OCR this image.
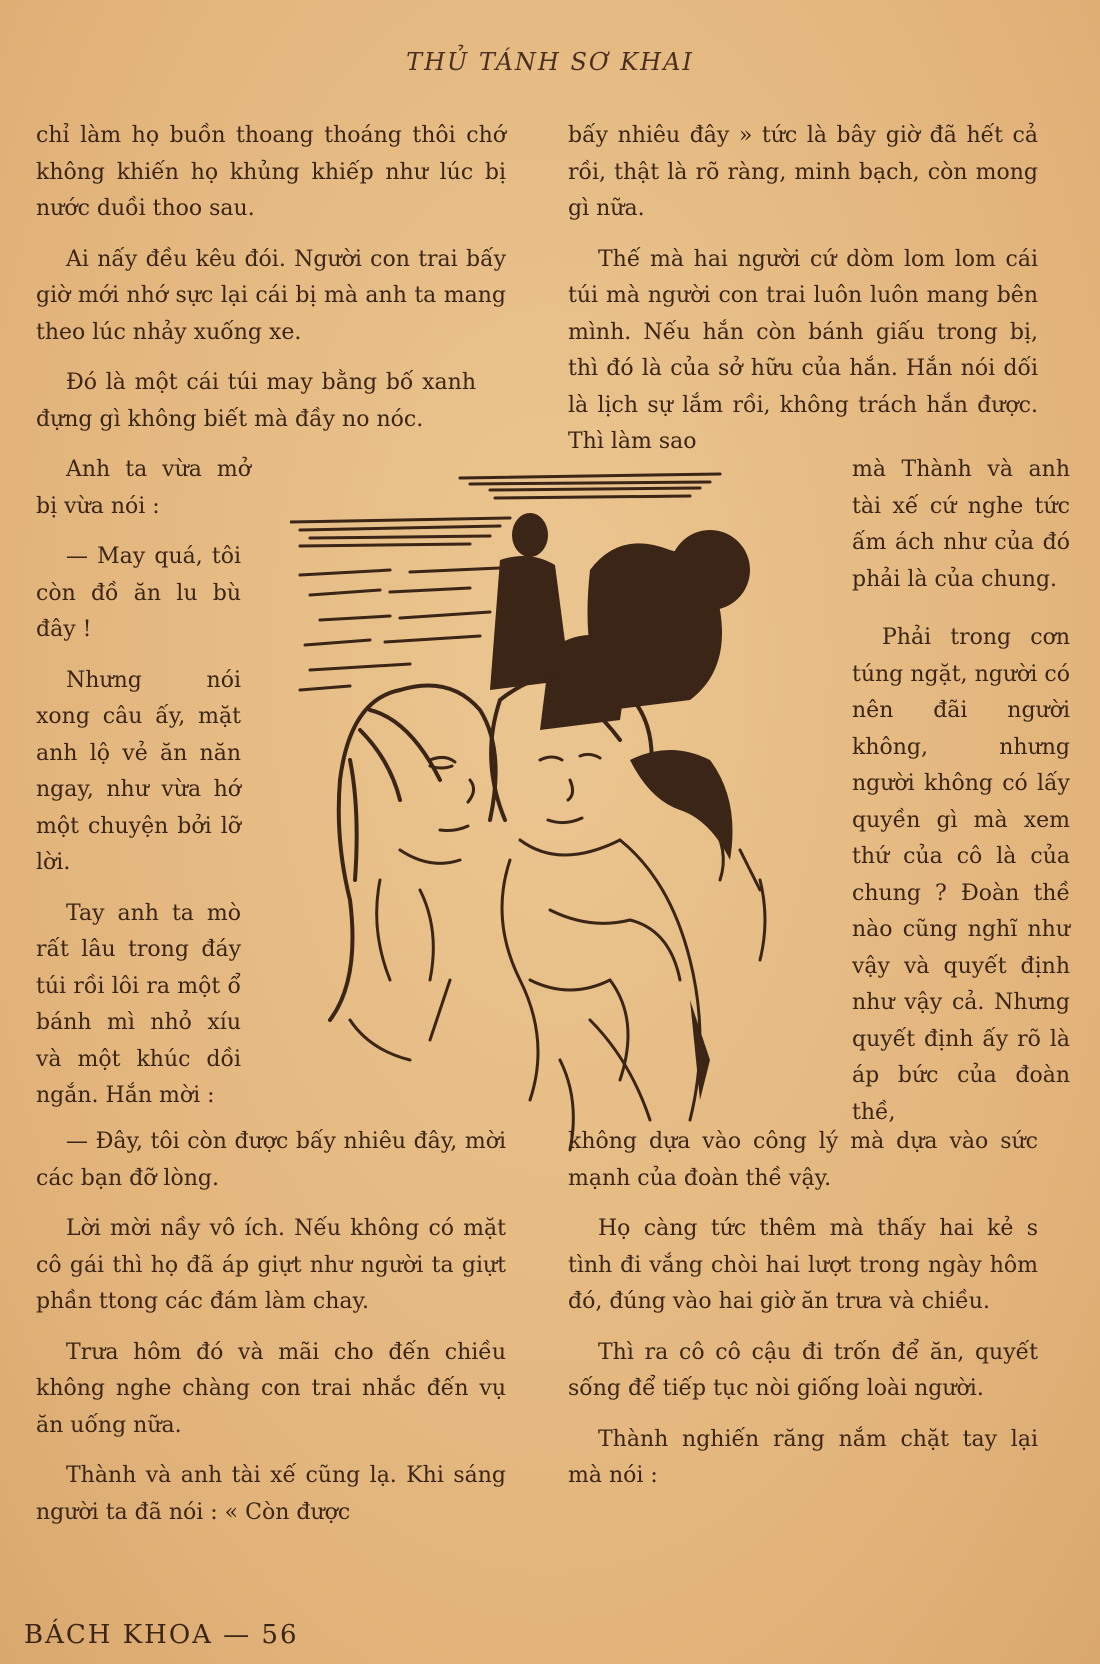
THỦ TÁNH SƠ KHAI

chỉ làm họ buồn thoang thoáng thôi chớ không khiến họ khủng khiếp như lúc bị nước duồi thoo sau.

Ai nấy đều kêu đói. Người con trai bấy giờ mới nhớ sực lại cái bị mà anh ta mang theo lúc nhảy xuống xe.

Đó là một cái túi may bằng bố xanh đựng gì không biết mà đầy no nóc.

Anh ta vừa mở bị vừa nói :

— May quá, tôi còn đồ ăn lu bù đây !

Nhưng nói xong câu ấy, mặt anh lộ vẻ ăn năn ngay, như vừa hớ một chuyện bởi lỡ lời.

Tay anh ta mò rất lâu trong đáy túi rồi lôi ra một ổ bánh mì nhỏ xíu và một khúc dồi ngắn. Hắn mời :

bấy nhiêu đây » tức là bây giờ đã hết cả rồi, thật là rõ ràng, minh bạch, còn mong gì nữa.

Thế mà hai người cứ dòm lom lom cái túi mà người con trai luôn luôn mang bên mình. Nếu hắn còn bánh giấu trong bị, thì đó là của sở hữu của hắn. Hắn nói dối là lịch sự lắm rồi, không trách hắn được. Thì làm sao

mà Thành và anh tài xế cứ nghe tức ấm ách như của đó phải là của chung.

Phải trong cơn túng ngặt, người có nên đãi người không, nhưng người không có lấy quyền gì mà xem thứ của cô là của chung ? Đoàn thề nào cũng nghĩ như vậy và quyết định như vậy cả. Nhưng quyết định ấy rõ là áp bức của đoàn thề,

— Đây, tôi còn được bấy nhiêu đây, mời các bạn đỡ lòng.

Lời mời nầy vô ích. Nếu không có mặt cô gái thì họ đã áp giựt như người ta giựt phần ttong các đám làm chay.

Trưa hôm đó và mãi cho đến chiều không nghe chàng con trai nhắc đến vụ ăn uống nữa.

Thành và anh tài xế cũng lạ. Khi sáng người ta đã nói : « Còn được

không dựa vào công lý mà dựa vào sức mạnh của đoàn thề vậy.

Họ càng tức thêm mà thấy hai kẻ s tình đi vắng chòi hai lượt trong ngày hôm đó, đúng vào hai giờ ăn trưa và chiều.

Thì ra cô cô cậu đi trốn để ăn, quyết sống để tiếp tục nòi giống loài người.

Thành nghiến răng nắm chặt tay lại mà nói :

BÁCH KHOA — 56
